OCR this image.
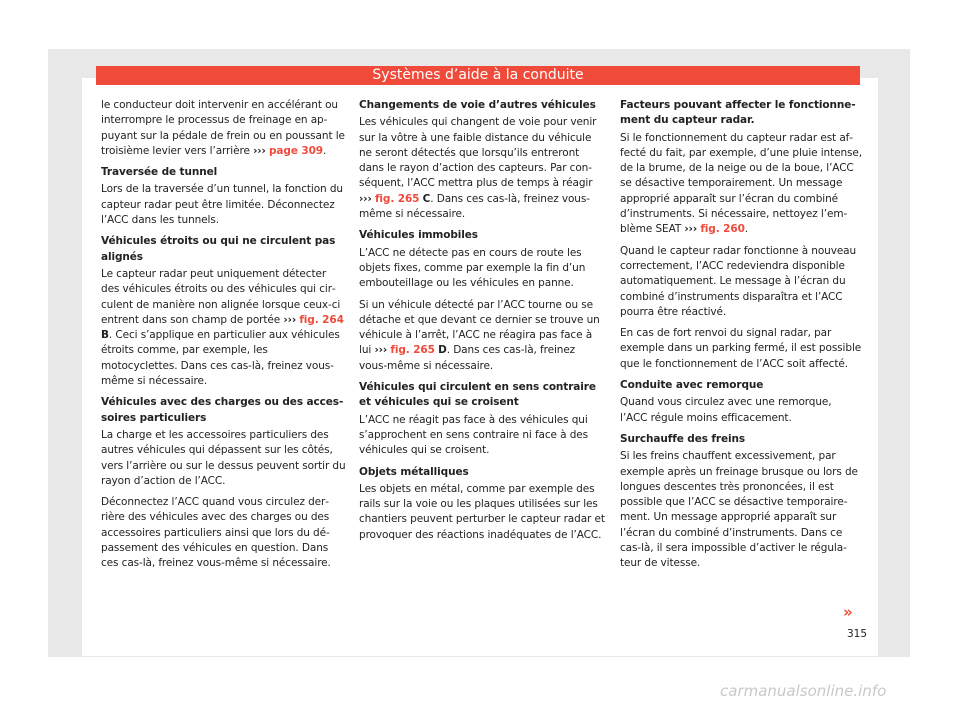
Systèmes d’aide à la conduite

le conducteur doit intervenir en accélérant ou interrompre le processus de freinage en appuyant sur la pédale de frein ou en poussant le troisième levier vers l’arrière ››› page 309.

Traversée de tunnel

Lors de la traversée d’un tunnel, la fonction du capteur radar peut être limitée. Déconnectez l’ACC dans les tunnels.

Véhicules étroits ou qui ne circulent pas alignés

Le capteur radar peut uniquement détecter des véhicules étroits ou des véhicules qui circulent de manière non alignée lorsque ceux-ci entrent dans son champ de portée ››› fig. 264 B. Ceci s’applique en particulier aux véhicules étroits comme, par exemple, les motocyclettes. Dans ces cas-là, freinez vous-même si nécessaire.

Véhicules avec des charges ou des accessoires particuliers

La charge et les accessoires particuliers des autres véhicules qui dépassent sur les côtés, vers l’arrière ou sur le dessus peuvent sortir du rayon d’action de l’ACC.

Déconnectez l’ACC quand vous circulez derrière des véhicules avec des charges ou des accessoires particuliers ainsi que lors du dépassement des véhicules en question. Dans ces cas-là, freinez vous-même si nécessaire.

Changements de voie d’autres véhicules

Les véhicules qui changent de voie pour venir sur la vôtre à une faible distance du véhicule ne seront détectés que lorsqu’ils entreront dans le rayon d’action des capteurs. Par conséquent, l’ACC mettra plus de temps à réagir ››› fig. 265 C. Dans ces cas-là, freinez vous-même si nécessaire.

Véhicules immobiles

L’ACC ne détecte pas en cours de route les objets fixes, comme par exemple la fin d’un embouteillage ou les véhicules en panne.

Si un véhicule détecté par l’ACC tourne ou se détache et que devant ce dernier se trouve un véhicule à l’arrêt, l’ACC ne réagira pas face à lui ››› fig. 265 D. Dans ces cas-là, freinez vous-même si nécessaire.

Véhicules qui circulent en sens contraire et véhicules qui se croisent

L’ACC ne réagit pas face à des véhicules qui s’approchent en sens contraire ni face à des véhicules qui se croisent.

Objets métalliques

Les objets en métal, comme par exemple des rails sur la voie ou les plaques utilisées sur les chantiers peuvent perturber le capteur radar et provoquer des réactions inadéquates de l’ACC.

Facteurs pouvant affecter le fonctionnement du capteur radar.

Si le fonctionnement du capteur radar est affecté du fait, par exemple, d’une pluie intense, de la brume, de la neige ou de la boue, l’ACC se désactive temporairement. Un message approprié apparaît sur l’écran du combiné d’instruments. Si nécessaire, nettoyez l’emblème SEAT ››› fig. 260.

Quand le capteur radar fonctionne à nouveau correctement, l’ACC redeviendra disponible automatiquement. Le message à l’écran du combiné d’instruments disparaîtra et l’ACC pourra être réactivé.

En cas de fort renvoi du signal radar, par exemple dans un parking fermé, il est possible que le fonctionnement de l’ACC soit affecté.

Conduite avec remorque

Quand vous circulez avec une remorque, l’ACC régule moins efficacement.

Surchauffe des freins

Si les freins chauffent excessivement, par exemple après un freinage brusque ou lors de longues descentes très prononcées, il est possible que l’ACC se désactive temporairement. Un message approprié apparaît sur l’écran du combiné d’instruments. Dans ce cas-là, il sera impossible d’activer le régulateur de vitesse.

»
315
carmanualsonline.info
